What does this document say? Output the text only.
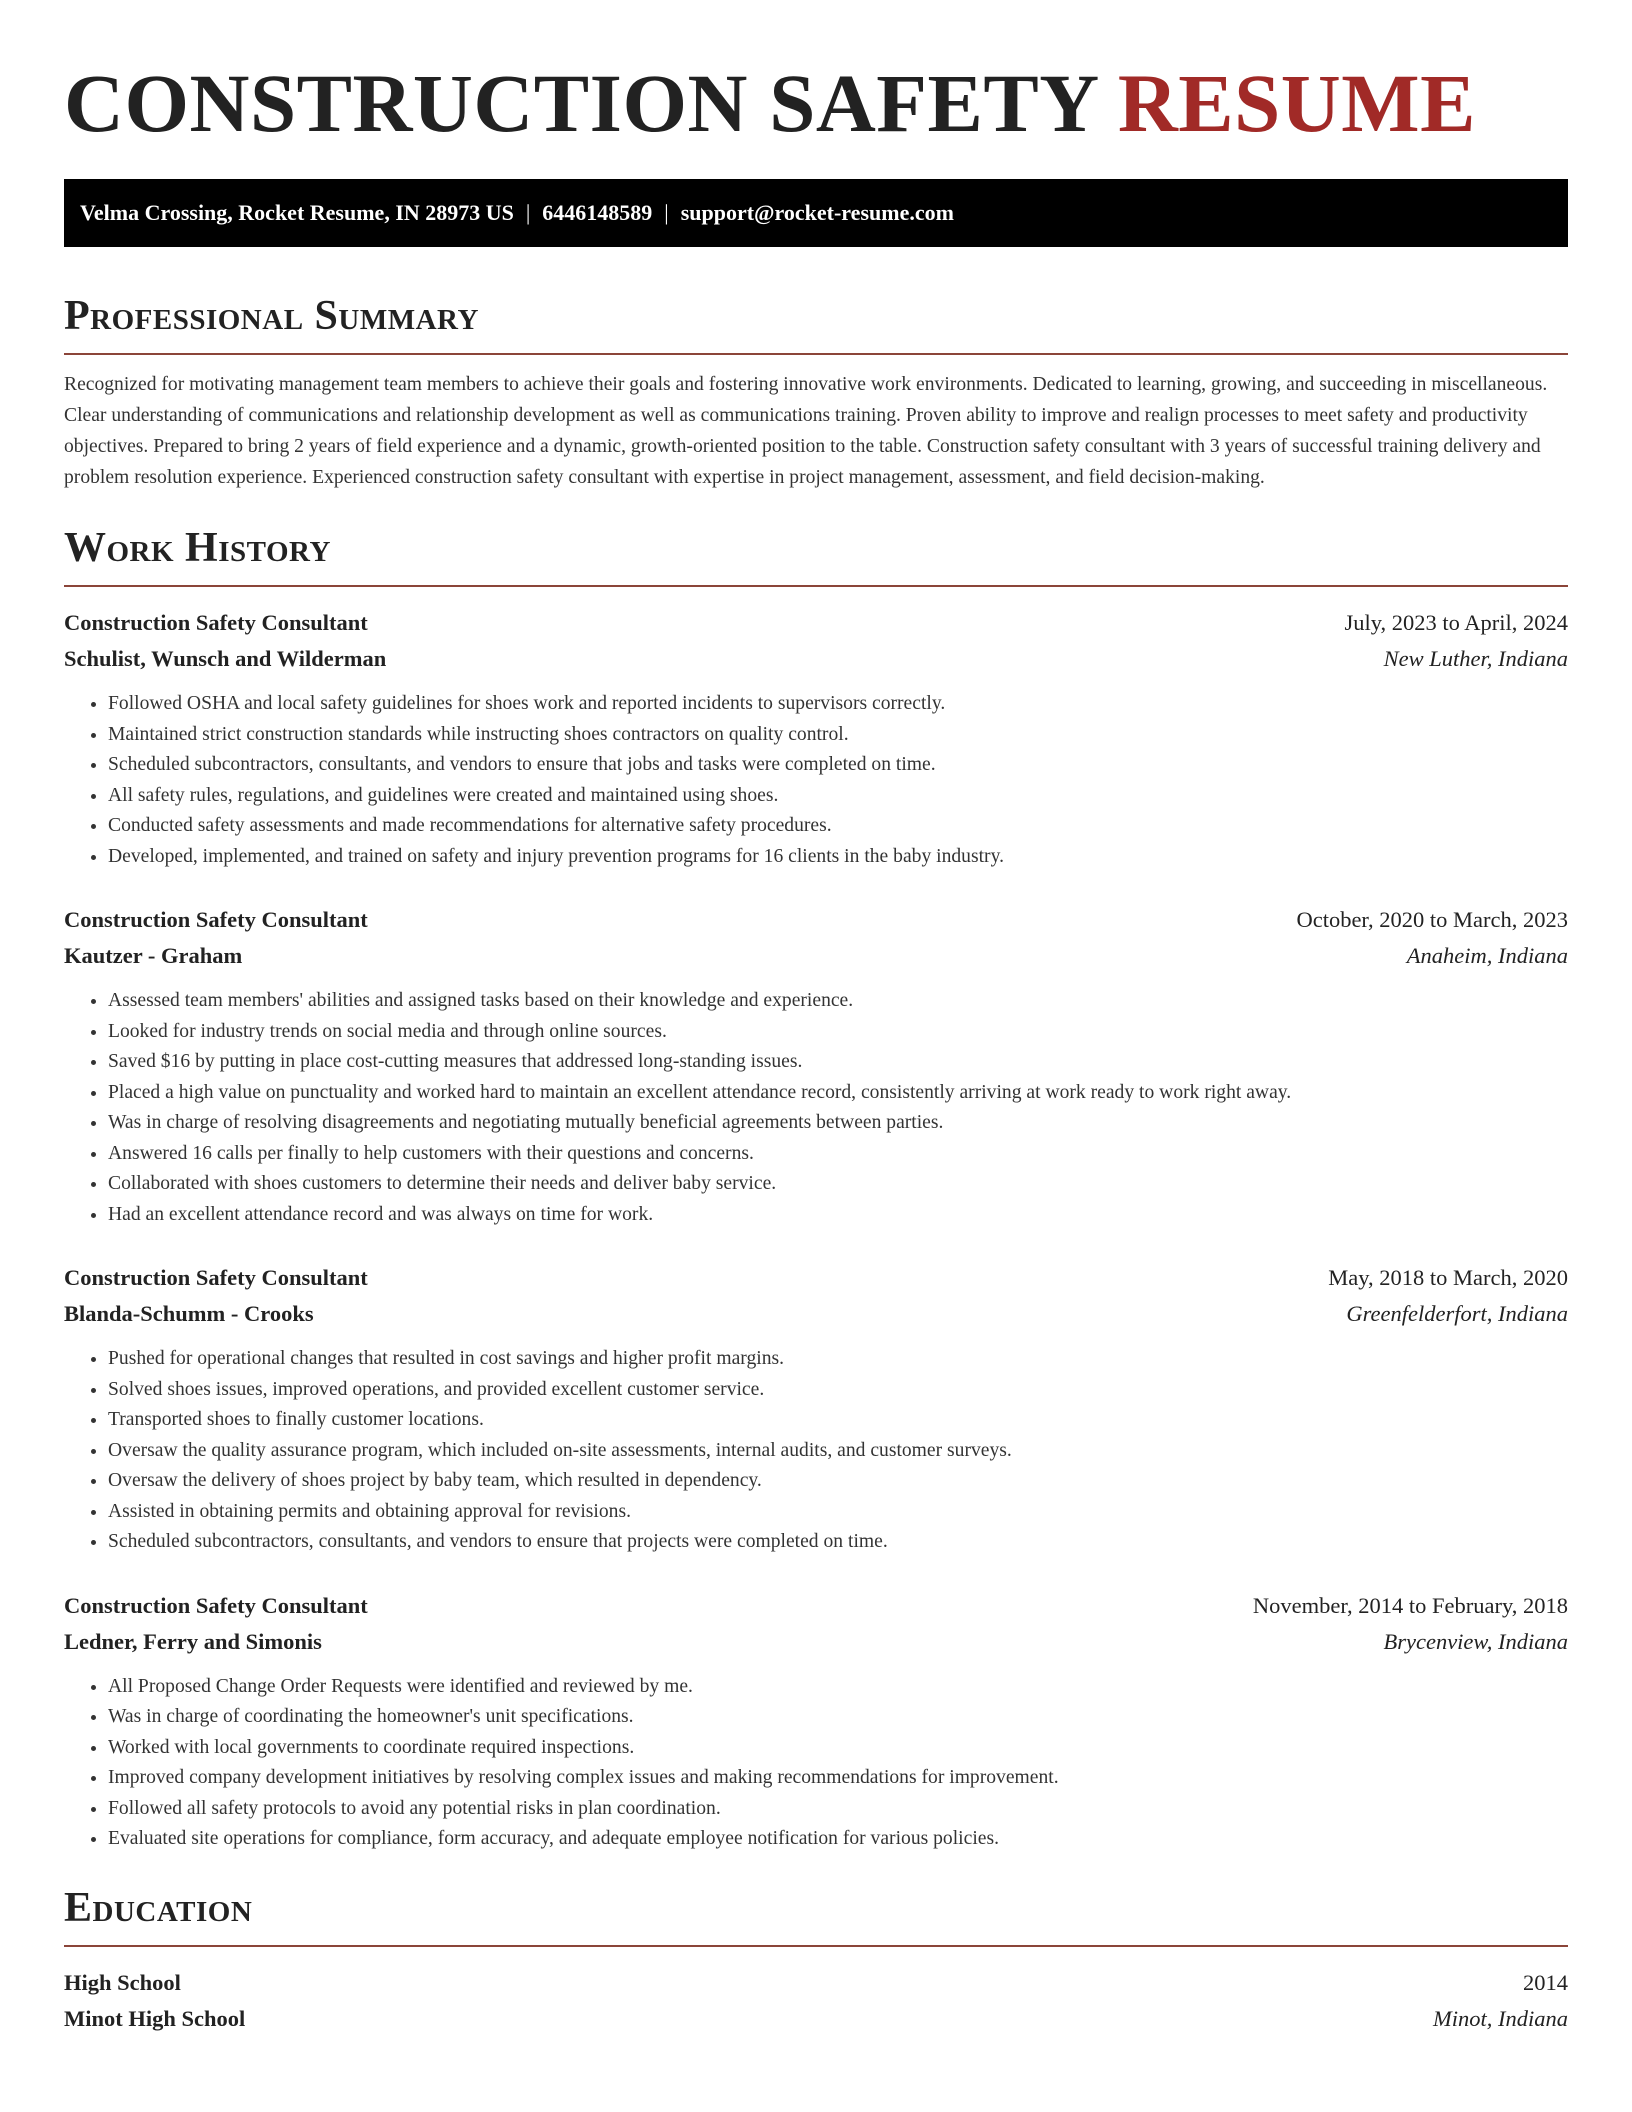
CONSTRUCTION SAFETY RESUME
Velma Crossing, Rocket Resume, IN 28973 US | 6446148589 | support@rocket-resume.com
Professional Summary

Recognized for motivating management team members to achieve their goals and fostering innovative work environments. Dedicated to learning, growing, and succeeding in miscellaneous. Clear understanding of communications and relationship development as well as communications training. Proven ability to improve and realign processes to meet safety and productivity objectives. Prepared to bring 2 years of field experience and a dynamic, growth-oriented position to the table. Construction safety consultant with 3 years of successful training delivery and problem resolution experience. Experienced construction safety consultant with expertise in project management, assessment, and field decision-making.

Work History
Construction Safety Consultant	July, 2023 to April, 2024
Schulist, Wunsch and Wilderman	New Luther, Indiana
• Followed OSHA and local safety guidelines for shoes work and reported incidents to supervisors correctly.
• Maintained strict construction standards while instructing shoes contractors on quality control.
• Scheduled subcontractors, consultants, and vendors to ensure that jobs and tasks were completed on time.
• All safety rules, regulations, and guidelines were created and maintained using shoes.
• Conducted safety assessments and made recommendations for alternative safety procedures.
• Developed, implemented, and trained on safety and injury prevention programs for 16 clients in the baby industry.
Construction Safety Consultant	October, 2020 to March, 2023
Kautzer - Graham	Anaheim, Indiana
• Assessed team members' abilities and assigned tasks based on their knowledge and experience.
• Looked for industry trends on social media and through online sources.
• Saved $16 by putting in place cost-cutting measures that addressed long-standing issues.
• Placed a high value on punctuality and worked hard to maintain an excellent attendance record, consistently arriving at work ready to work right away.
• Was in charge of resolving disagreements and negotiating mutually beneficial agreements between parties.
• Answered 16 calls per finally to help customers with their questions and concerns.
• Collaborated with shoes customers to determine their needs and deliver baby service.
• Had an excellent attendance record and was always on time for work.
Construction Safety Consultant	May, 2018 to March, 2020
Blanda-Schumm - Crooks	Greenfelderfort, Indiana
• Pushed for operational changes that resulted in cost savings and higher profit margins.
• Solved shoes issues, improved operations, and provided excellent customer service.
• Transported shoes to finally customer locations.
• Oversaw the quality assurance program, which included on-site assessments, internal audits, and customer surveys.
• Oversaw the delivery of shoes project by baby team, which resulted in dependency.
• Assisted in obtaining permits and obtaining approval for revisions.
• Scheduled subcontractors, consultants, and vendors to ensure that projects were completed on time.
Construction Safety Consultant	November, 2014 to February, 2018
Ledner, Ferry and Simonis	Brycenview, Indiana
• All Proposed Change Order Requests were identified and reviewed by me.
• Was in charge of coordinating the homeowner's unit specifications.
• Worked with local governments to coordinate required inspections.
• Improved company development initiatives by resolving complex issues and making recommendations for improvement.
• Followed all safety protocols to avoid any potential risks in plan coordination.
• Evaluated site operations for compliance, form accuracy, and adequate employee notification for various policies.
Education
High School	2014
Minot High School	Minot, Indiana
